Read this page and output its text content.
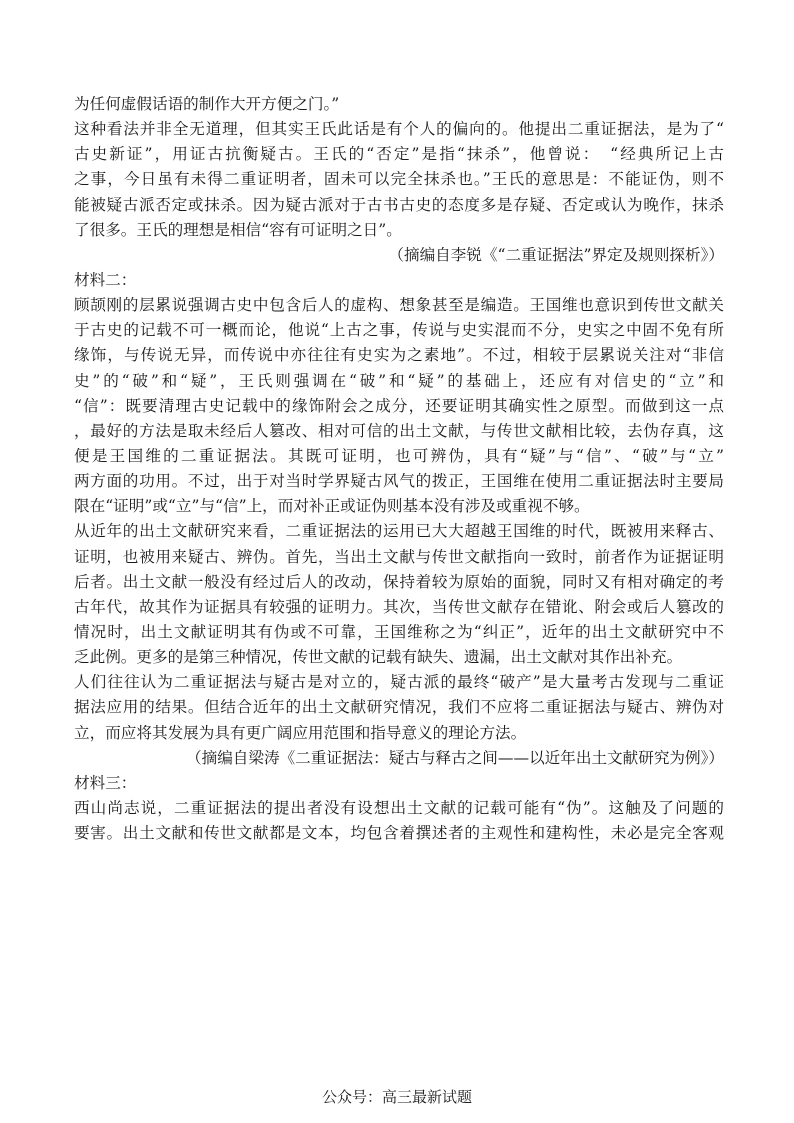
为任何虚假话语的制作大开方便之门。”
这种看法并非全无道理，但其实王氏此话是有个人的偏向的。他提出二重证据法，是为了“
古史新证”，用证古抗衡疑古。王氏的“否定”是指“抹杀”，他曾说：　“经典所记上古
之事，今日虽有未得二重证明者，固未可以完全抹杀也。”王氏的意思是：不能证伪，则不
能被疑古派否定或抹杀。因为疑古派对于古书古史的态度多是存疑、否定或认为晚作，抹杀
了很多。王氏的理想是相信“容有可证明之日”。
（摘编自李锐《“二重证据法”界定及规则探析》）
材料二：
顾颉刚的层累说强调古史中包含后人的虚构、想象甚至是编造。王国维也意识到传世文献关
于古史的记载不可一概而论，他说“上古之事，传说与史实混而不分，史实之中固不免有所
缘饰，与传说无异，而传说中亦往往有史实为之素地”。不过，相较于层累说关注对“非信
史”的“破”和“疑”，王氏则强调在“破”和“疑”的基础上，还应有对信史的“立”和
“信”：既要清理古史记载中的缘饰附会之成分，还要证明其确实性之原型。而做到这一点
，最好的方法是取未经后人篡改、相对可信的出土文献，与传世文献相比较，去伪存真，这
便是王国维的二重证据法。其既可证明，也可辨伪，具有“疑”与“信”、“破”与“立”
两方面的功用。不过，出于对当时学界疑古风气的拨正，王国维在使用二重证据法时主要局
限在“证明”或“立”与“信”上，而对补正或证伪则基本没有涉及或重视不够。
从近年的出土文献研究来看，二重证据法的运用已大大超越王国维的时代，既被用来释古、
证明，也被用来疑古、辨伪。首先，当出土文献与传世文献指向一致时，前者作为证据证明
后者。出土文献一般没有经过后人的改动，保持着较为原始的面貌，同时又有相对确定的考
古年代，故其作为证据具有较强的证明力。其次，当传世文献存在错讹、附会或后人篡改的
情况时，出土文献证明其有伪或不可靠，王国维称之为“纠正”，近年的出土文献研究中不
乏此例。更多的是第三种情况，传世文献的记载有缺失、遗漏，出土文献对其作出补充。
人们往往认为二重证据法与疑古是对立的，疑古派的最终“破产”是大量考古发现与二重证
据法应用的结果。但结合近年的出土文献研究情况，我们不应将二重证据法与疑古、辨伪对
立，而应将其发展为具有更广阔应用范围和指导意义的理论方法。
（摘编自梁涛《二重证据法：疑古与释古之间——以近年出土文献研究为例》）
材料三：
西山尚志说，二重证据法的提出者没有设想出土文献的记载可能有“伪”。这触及了问题的
要害。出土文献和传世文献都是文本，均包含着撰述者的主观性和建构性，未必是完全客观
公众号：高三最新试题
